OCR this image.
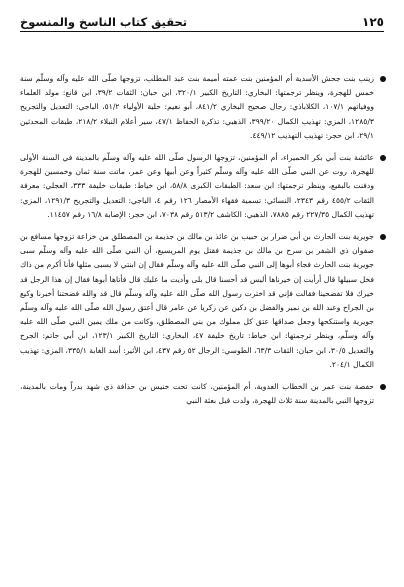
١٢٥
تحقيق كتاب الناسخ والمنسوخ

زينب بنت جحش الأسدية أم المؤمنين بنت عمته أميمة بنت عبد المطلب، تزوجها صلّى الله عليه وآله وسلّم سنة خمس للهجرة، وينظر ترجمتها: البخاري: التاريخ الكبير ٣٢٠/١، ابن حبان: الثقات ٣٩/٢، ابن قانع: مولد العلماء ووفياتهم ١٠٧/١، الكلاباذي: رجال صحيح البخاري ٨٤١/٢، أبو نعيم: حلية الأولياء ٥١/٢، الباجي: التعديل والتجريح ١٢٨٥/٣، المزي: تهذيب الكمال ٣٩٩/٢٠، الذهبي: تذكرة الحفاظ ٤٧/١، سير أعلام النبلاء ٢١٨/٢، طبقات المحدثين ٢٩/١، ابن حجر: تهذيب التهذيب ٤٤٩/١٢.

عائشة بنت أبي بكر الحميراء، أم المؤمنين، تزوجها الرسول صلّى الله عليه وآله وسلّم بالمدينة في السنة الأولى للهجرة، روت عن النبي صلّى الله عليه وآله وسلّم كثيراً وعن أبيها وعن عمر، ماتت سنة ثمان وخمسين للهجرة ودفنت بالبقيع، وينظر ترجمتها: ابن سعد: الطبقات الكبرى ٥٨/٨، ابن خياط: طبقات خليفة ٣٣٣، العجلي: معرفة الثقات ٤٥٥/٢ رقم ٢٣٤٣، النسائي: تسمية فقهاء الأمصار ١٢٦ رقم ٤، الباجي: التعديل والتجريح ١٢٩١/٣، المزي: تهذيب الكمال ٢٢٧/٣٥ رقم ٧٨٨٥، الذهبي: الكاشف ٥١٣/٢ رقم ٧٠٣٨، ابن حجر: الإصابة ١٦/٨ رقم ١١٤٥٧.

جويرية بنت الحارث بن أبي ضرار بن حبيب بن عائذ بن مالك بن جذيمة بن المصطلق من خزاعة تزوجها مسافع بن صفوان ذي الشفر بن سرح بن مالك بن جذيمة فقتل يوم المريسيع، أن النبي صلّى الله عليه وآله وسلّم سبى جويرية بنت الحارث فجاء أبوها إلى النبي صلّى الله عليه وآله وسلّم فقال إن ابنتي لا يسبى مثلها فأنا أكرم من ذاك فخل سبيلها قال أرأيت إن خيرناها أليس قد أحسنا قال بلى وأديت ما عليك قال فأتاها أبوها فقال إن هذا الرجل قد خيرك فلا تفضحينا فقالت فإني قد اخترت رسول الله صلّى الله عليه وآله وسلّم قال قد والله فضحتنا أخبرنا وكيع بن الجراح وعبد الله بن نمير والفضل بن دكين عن زكريا عن عامر قال أعتق رسول الله صلّى الله عليه وآله وسلّم جويرية واستنكحها وجعل صداقها عتق كل مملوك من بني المصطلق، وكانت من ملك يمين النبي صلّى الله عليه وآله وسلّم، وينظر ترجمتها: ابن خياط: تاريخ خليفة ٤٧، البخاري: التاريخ الكبير ١٢٣/١، ابن أبي حاتم: الجرح والتعديل ٣٠/٥، ابن حبان: الثقات ٦٣/٣، الطوسي: الرجال ٥٢ رقم ٤٣٧، ابن الأثير: أسد الغابة ٣٣٥/١، المزي: تهذيب الكمال ٢٠٤/١.

حفصة بنت عمر بن الخطاب العدوية، أم المؤمنين، كانت تحت خنيس بن حذافة ذي شهد بدراً ومات بالمدينة، تزوجها النبي بالمدينة سنة ثلاث للهجرة، ولدت قبل بعثة النبي
